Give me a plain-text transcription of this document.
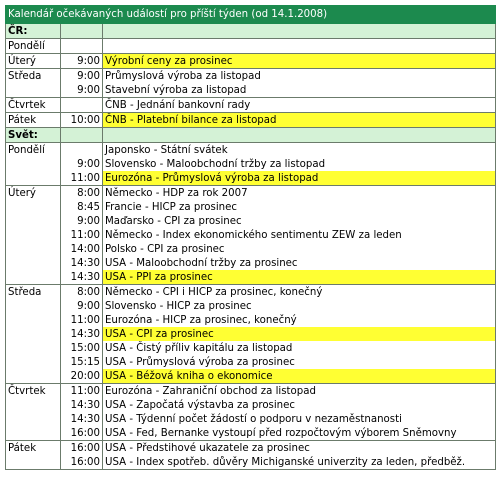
Kalendář očekávaných událostí pro příští týden (od 14.1.2008)		
ČR:		
Pondělí		
Úterý	9:00	Výrobní ceny za prosinec
Středa	9:00	Průmyslová výroba za listopad
	9:00	Stavební výroba za listopad
Čtvrtek		ČNB - Jednání bankovní rady
Pátek	10:00	ČNB - Platební bilance za listopad
Svět:		
Pondělí		Japonsko - Státní svátek
	9:00	Slovensko - Maloobchodní tržby za listopad
	11:00	Eurozóna - Průmyslová výroba za listopad
Úterý	8:00	Německo - HDP za rok 2007
	8:45	Francie - HICP za prosinec
	9:00	Maďarsko - CPI za prosinec
	11:00	Německo - Index ekonomického sentimentu ZEW za leden
	14:00	Polsko - CPI za prosinec
	14:30	USA - Maloobchodní tržby za prosinec
	14:30	USA - PPI za prosinec
Středa	8:00	Německo - CPI i HICP za prosinec, konečný
	9:00	Slovensko - HICP za prosinec
	11:00	Eurozóna - HICP za prosinec, konečný
	14:30	USA - CPI za prosinec
	15:00	USA - Čistý příliv kapitálu za listopad
	15:15	USA - Průmyslová výroba za prosinec
	20:00	USA - Béžová kniha o ekonomice
Čtvrtek	11:00	Eurozóna - Zahraniční obchod za listopad
	14:30	USA - Započatá výstavba za prosinec
	14:30	USA - Týdenní počet žádostí o podporu v nezaměstnanosti
	16:00	USA - Fed, Bernanke vystoupí před rozpočtovým výborem Sněmovny
Pátek	16:00	USA - Předstihové ukazatele za prosinec
	16:00	USA - Index spotřeb. důvěry Michiganské univerzity za leden, předběž.
